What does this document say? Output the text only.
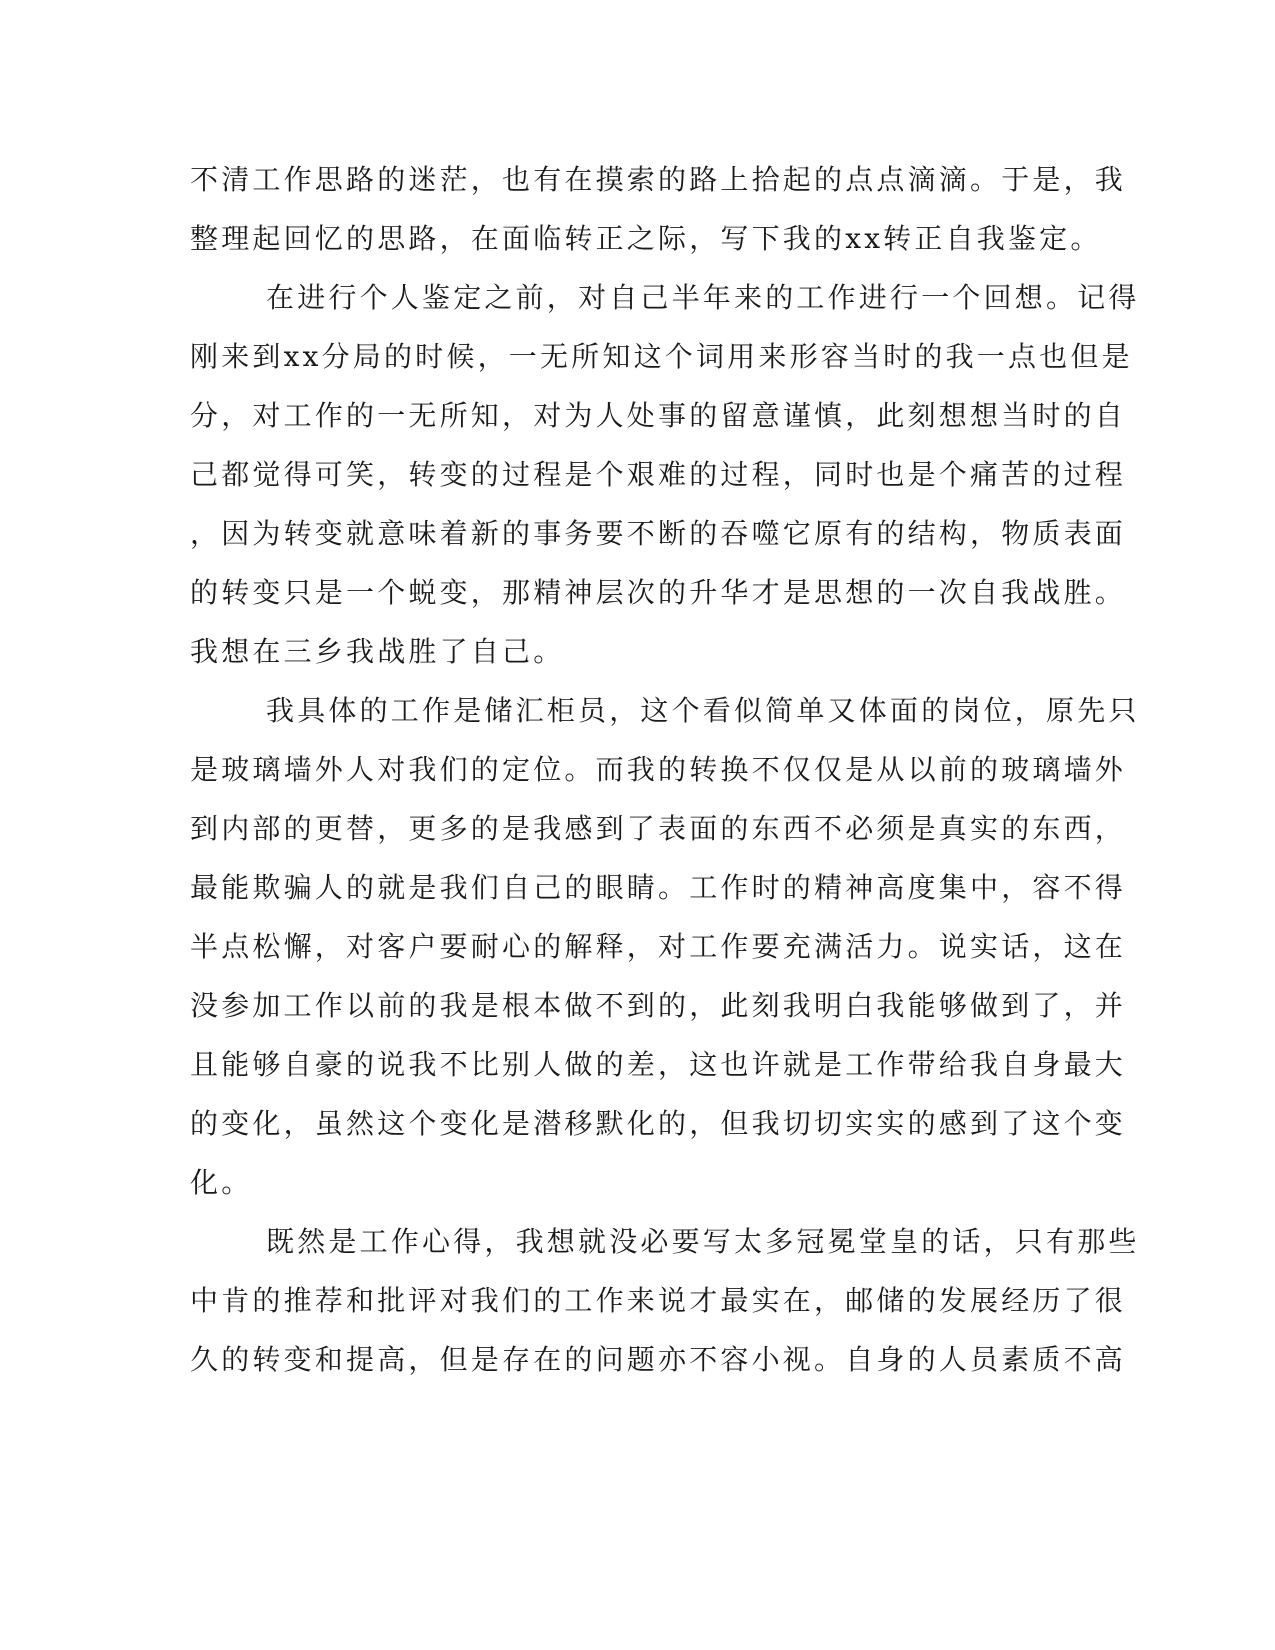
不清工作思路的迷茫，也有在摸索的路上拾起的点点滴滴。于是，我
整理起回忆的思路，在面临转正之际，写下我的xx转正自我鉴定。
在进行个人鉴定之前，对自己半年来的工作进行一个回想。记得
刚来到xx分局的时候，一无所知这个词用来形容当时的我一点也但是
分，对工作的一无所知，对为人处事的留意谨慎，此刻想想当时的自
己都觉得可笑，转变的过程是个艰难的过程，同时也是个痛苦的过程
，因为转变就意味着新的事务要不断的吞噬它原有的结构，物质表面
的转变只是一个蜕变，那精神层次的升华才是思想的一次自我战胜。
我想在三乡我战胜了自己。
我具体的工作是储汇柜员，这个看似简单又体面的岗位，原先只
是玻璃墙外人对我们的定位。而我的转换不仅仅是从以前的玻璃墙外
到内部的更替，更多的是我感到了表面的东西不必须是真实的东西，
最能欺骗人的就是我们自己的眼睛。工作时的精神高度集中，容不得
半点松懈，对客户要耐心的解释，对工作要充满活力。说实话，这在
没参加工作以前的我是根本做不到的，此刻我明白我能够做到了，并
且能够自豪的说我不比别人做的差，这也许就是工作带给我自身最大
的变化，虽然这个变化是潜移默化的，但我切切实实的感到了这个变
化。
既然是工作心得，我想就没必要写太多冠冕堂皇的话，只有那些
中肯的推荐和批评对我们的工作来说才最实在，邮储的发展经历了很
久的转变和提高，但是存在的问题亦不容小视。自身的人员素质不高
